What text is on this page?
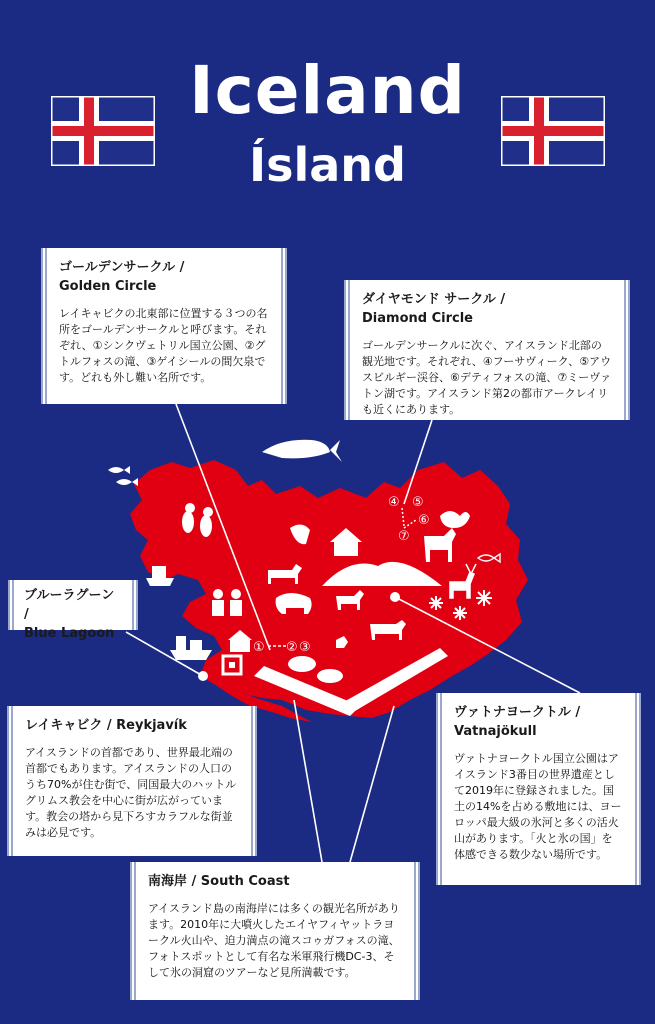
Iceland
Ísland
① ② ③
④ ⑤
⑥
⑦
ゴールデンサークル /
Golden Circle
レイキャビクの北東部に位置する３つの名所をゴールデンサークルと呼びます。それぞれ、①シンクヴェトリル国立公園、②グトルフォスの滝、③ゲイシールの間欠泉です。どれも外し難い名所です。
ダイヤモンド サークル /
Diamond Circle
ゴールデンサークルに次ぐ、アイスランド北部の観光地です。それぞれ、④フーサヴィーク、⑤アウスビルギー渓谷、⑥デティフォスの滝、⑦ミーヴァトン湖です。アイスランド第2の都市アークレイリも近くにあります。
ブルーラグーン /
Blue Lagoon
レイキャビク / Reykjavík
アイスランドの首都であり、世界最北端の首都でもあります。アイスランドの人口のうち70%が住む街で、同国最大のハットルグリムス教会を中心に街が広がっています。教会の塔から見下ろすカラフルな街並みは必見です。
ヴァトナヨークトル /
Vatnajökull
ヴァトナヨークトル国立公園はアイスランド3番目の世界遺産として2019年に登録されました。国土の14%を占める敷地には、ヨーロッパ最大級の氷河と多くの活火山があります。「火と氷の国」を体感できる数少ない場所です。
南海岸 / South Coast
アイスランド島の南海岸には多くの観光名所があります。2010年に大噴火したエイヤフィヤットラヨークル火山や、迫力満点の滝スコゥガフォスの滝、フォトスポットとして有名な米軍飛行機DC-3、そして氷の洞窟のツアーなど見所満載です。
